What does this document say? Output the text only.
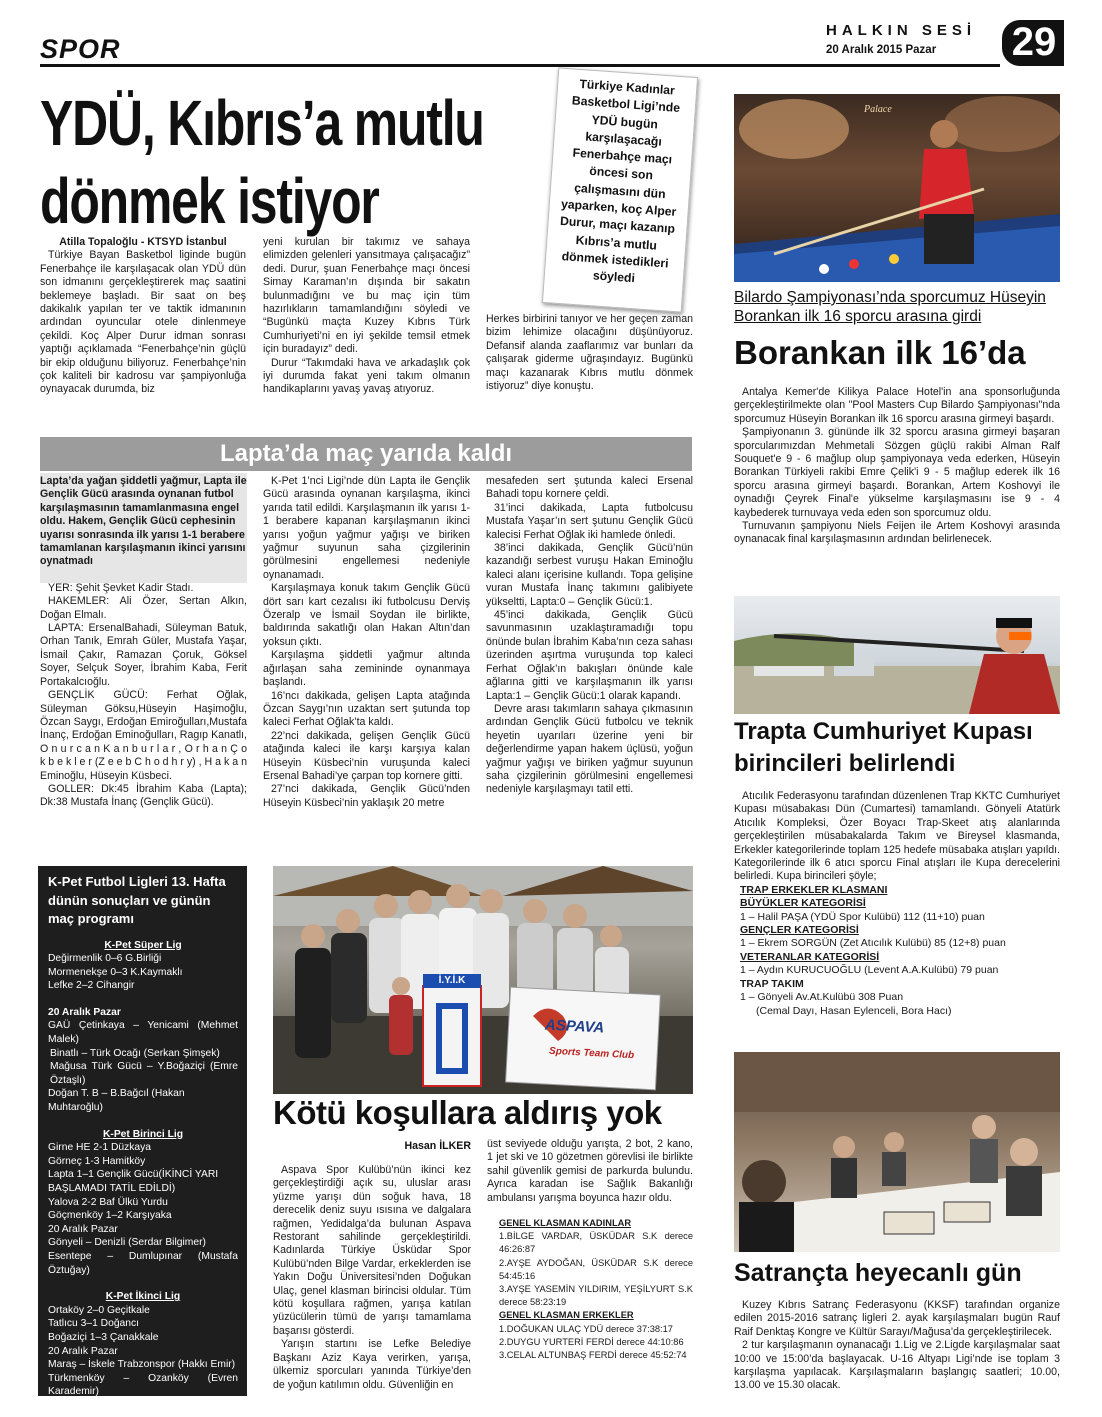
SPOR
HALKIN SESİ
20 Aralık 2015 Pazar 29
YDÜ, Kıbrıs’a mutlu
dönmek istiyor
Türkiye Kadınlar Basketbol Ligi’nde YDÜ bugün karşılaşacağı Fenerbahçe maçı öncesi son çalışmasını dün yaparken, koç Alper Durur, maçı kazanıp Kıbrıs’a mutlu dönmek istedikleri söyledi

Atilla Topaloğlu - KTSYD İstanbul

Türkiye Bayan Basketbol liginde bugün Fenerbahçe ile karşılaşacak olan YDÜ dün son idmanını gerçekleştirerek maç saatini beklemeye başladı. Bir saat on beş dakikalık yapılan ter ve taktik idmanının ardından oyuncular otele dinlenmeye çekildi. Koç Alper Durur idman sonrası yaptığı açıklamada “Fenerbahçe’nin güçlü bir ekip olduğunu biliyoruz. Fenerbahçe’nin çok kaliteli bir kadrosu var şampiyonluğa oynayacak durumda, biz

yeni kurulan bir takımız ve sahaya elimizden gelenleri yansıtmaya çalışacağız” dedi. Durur, şuan Fenerbahçe maçı öncesi Simay Karaman’ın dışında bir sakatın bulunmadığını ve bu maç için tüm hazırlıkların tamamlandığını söyledi ve “Bugünkü maçta Kuzey Kıbrıs Türk Cumhuriyeti’ni en iyi şekilde temsil etmek için buradayız” dedi.

Durur “Takımdaki hava ve arkadaşlık çok iyi durumda fakat yeni takım olmanın handikaplarını yavaş yavaş atıyoruz.

Herkes birbirini tanıyor ve her geçen zaman bizim lehimize olacağını düşünüyoruz. Defansif alanda zaaflarımız var bunları da çalışarak giderme uğraşındayız. Bugünkü maçı kazanarak Kıbrıs mutlu dönmek istiyoruz” diye konuştu.

Lapta’da maç yarıda kaldı

Lapta’da yağan şiddetli yağmur, Lapta ile Gençlik Gücü arasında oynanan futbol karşılaşmasının tamamlanmasına engel oldu. Hakem, Gençlik Gücü cephesinin uyarısı sonrasında ilk yarısı 1-1 berabere tamamlanan karşılaşmanın ikinci yarısını oynatmadı

YER: Şehit Şevket Kadir Stadı.

HAKEMLER: Ali Özer, Sertan Alkın, Doğan Elmalı.

LAPTA: ErsenalBahadi, Süleyman Batuk, Orhan Tanık, Emrah Güler, Mustafa Yaşar, İsmail Çakır, Ramazan Çoruk, Göksel Soyer, Selçuk Soyer, İbrahim Kaba, Ferit Portakalcıoğlu.

GENÇLİK GÜCÜ: Ferhat Oğlak, Süleyman Göksu,Hüseyin Haşimoğlu, Özcan Saygı, Erdoğan Emiroğulları,Mustafa İnanç, Erdoğan Eminoğulları, Ragıp Kanatlı, O n u r c a n K a n b u r l a r , O r h a n Ç o k b e k l e r (Z e e b C h o d h r y) , H a k a n Eminoğlu, Hüseyin Küsbeci.

GOLLER: Dk:45 İbrahim Kaba (Lapta); Dk:38 Mustafa İnanç (Gençlik Gücü).

K-Pet 1’nci Ligi’nde dün Lapta ile Gençlik Gücü arasında oynanan karşılaşma, ikinci yarıda tatil edildi. Karşılaşmanın ilk yarısı 1-1 berabere kapanan karşılaşmanın ikinci yarısı yoğun yağmur yağışı ve biriken yağmur suyunun saha çizgilerinin görülmesini engellemesi nedeniyle oynanamadı.

Karşılaşmaya konuk takım Gençlik Gücü dört sarı kart cezalısı iki futbolcusu Derviş Özeralp ve İsmail Soydan ile birlikte, baldırında sakatlığı olan Hakan Altın’dan yoksun çıktı.

Karşılaşma şiddetli yağmur altında ağırlaşan saha zemininde oynanmaya başlandı.

16’ncı dakikada, gelişen Lapta atağında Özcan Saygı’nın uzaktan sert şutunda top kaleci Ferhat Oğlak’ta kaldı.

22’nci dakikada, gelişen Gençlik Gücü atağında kaleci ile karşı karşıya kalan Hüseyin Küsbeci’nin vuruşunda kaleci Ersenal Bahadi’ye çarpan top kornere gitti.

27’nci dakikada, Gençlik Gücü’nden Hüseyin Küsbeci’nin yaklaşık 20 metre

mesafeden sert şutunda kaleci Ersenal Bahadi topu kornere çeldi.

31’inci dakikada, Lapta futbolcusu Mustafa Yaşar’ın sert şutunu Gençlik Gücü kalecisi Ferhat Oğlak iki hamlede önledi.

38’inci dakikada, Gençlik Gücü’nün kazandığı serbest vuruşu Hakan Eminoğlu kaleci alanı içerisine kullandı. Topa gelişine vuran Mustafa İnanç takımını galibiyete yükseltti, Lapta:0 – Gençlik Gücü:1.

45’inci dakikada, Gençlik Gücü savunmasının uzaklaştıramadığı topu önünde bulan İbrahim Kaba’nın ceza sahası üzerinden aşırtma vuruşunda top kaleci Ferhat Oğlak’ın bakışları önünde kale ağlarına gitti ve karşılaşmanın ilk yarısı Lapta:1 – Gençlik Gücü:1 olarak kapandı.

Devre arası takımların sahaya çıkmasının ardından Gençlik Gücü futbolcu ve teknik heyetin uyarıları üzerine yeni bir değerlendirme yapan hakem üçlüsü, yoğun yağmur yağışı ve biriken yağmur suyunun saha çizgilerinin görülmesini engellemesi nedeniyle karşılaşmayı tatil etti.

K-Pet Futbol Ligleri 13. Hafta dünün sonuçları ve günün maç programı

K-Pet Süper Lig

Değirmenlik 0–6 G.Birliği

Mormenekşe 0–3 K.Kaymaklı

Lefke 2–2 Cihangir

20 Aralık Pazar

GAÜ Çetinkaya – Yenicami (Mehmet Malek)

Binatlı – Türk Ocağı (Serkan Şimşek)

Mağusa Türk Gücü – Y.Boğaziçi (Emre Öztaşlı)

Doğan T. B – B.Bağcıl (Hakan Muhtaroğlu)

K-Pet Birinci Lig

Girne HE 2-1 Düzkaya

Görneç 1-3 Hamitköy

Lapta 1–1 Gençlik Gücü(İKİNCİ YARI BAŞLAMADI TATİL EDİLDİ)

Yalova 2-2 Baf Ülkü Yurdu

Göçmenköy 1–2 Karşıyaka

20 Aralık Pazar

Gönyeli – Denizli (Serdar Bilgimer)

Esentepe – Dumlupınar (Mustafa Öztuğay)

K-Pet İkinci Lig

Ortaköy 2–0 Geçitkale

Tatlıcu 3–1 Doğancı

Boğaziçi 1–3 Çanakkale

20 Aralık Pazar

Maraş – İskele Trabzonspor (Hakkı Emir)

Türkmenköy – Ozanköy (Evren Karademir)

Akova – A. Yeşilova (Hüseyin Özkan)

İ.Y.İ.K
ASPAVA
Sports Team Club
Kötü koşullara aldırış yok
Hasan İLKER

Aspava Spor Kulübü’nün ikinci kez gerçekleştirdiği açık su, uluslar arası yüzme yarışı dün soğuk hava, 18 derecelik deniz suyu ısısına ve dalgalara rağmen, Yedidalga’da bulunan Aspava Restorant sahilinde gerçekleştirildi. Kadınlarda Türkiye Üsküdar Spor Kulübü’nden Bilge Vardar, erkeklerden ise Yakın Doğu Üniversitesi’nden Doğukan Ulaç, genel klasman birincisi oldular. Tüm kötü koşullara rağmen, yarışa katılan yüzücülerin tümü de yarışı tamamlama başarısı gösterdi.

Yarışın startını ise Lefke Belediye Başkanı Aziz Kaya verirken, yarışa, ülkemiz sporcuları yanında Türkiye’den de yoğun katılımın oldu. Güvenliğin en

üst seviyede olduğu yarışta, 2 bot, 2 kano, 1 jet ski ve 10 gözetmen görevlisi ile birlikte sahil güvenlik gemisi de parkurda bulundu. Ayrıca karadan ise Sağlık Bakanlığı ambulansı yarışma boyunca hazır oldu.

GENEL KLASMAN KADINLAR

1.BİLGE VARDAR, ÜSKÜDAR S.K derece 46:26:87

2.AYŞE AYDOĞAN, ÜSKÜDAR S.K derece 54:45:16

3.AYŞE YASEMİN YILDIRIM, YEŞİLYURT S.K derece 58:23:19

GENEL KLASMAN ERKEKLER

1.DOĞUKAN ULAÇ YDÜ derece 37:38:17

2.DUYGU YURTERİ FERDİ derece 44:10:86

3.CELAL ALTUNBAŞ FERDİ derece 45:52:74

Palace
Bilardo Şampiyonası’nda sporcumuz Hüseyin Borankan ilk 16 sporcu arasına girdi
Borankan ilk 16’da

Antalya Kemer'de Kilikya Palace Hotel'in ana sponsorluğunda gerçekleştirilmekte olan "Pool Masters Cup Bilardo Şampiyonası"nda sporcumuz Hüseyin Borankan ilk 16 sporcu arasına girmeyi başardı.

Şampiyonanın 3. gününde ilk 32 sporcu arasına girmeyi başaran sporcularımızdan Mehmetali Sözgen güçlü rakibi Alman Ralf Souquet'e 9 - 6 mağlup olup şampiyonaya veda ederken, Hüseyin Borankan Türkiyeli rakibi Emre Çelik'i 9 - 5 mağlup ederek ilk 16 sporcu arasına girmeyi başardı. Borankan, Artem Koshovyi ile oynadığı Çeyrek Final'e yükselme karşılaşmasını ise 9 - 4 kaybederek turnuvaya veda eden son sporcumuz oldu.

Turnuvanın şampiyonu Niels Feijen ile Artem Koshovyi arasında oynanacak final karşılaşmasının ardından belirlenecek.

Trapta Cumhuriyet Kupası birincileri belirlendi

Atıcılık Federasyonu tarafından düzenlenen Trap KKTC Cumhuriyet Kupası müsabakası Dün (Cumartesi) tamamlandı. Gönyeli Atatürk Atıcılık Kompleksi, Özer Boyacı Trap-Skeet atış alanlarında gerçekleştirilen müsabakalarda Takım ve Bireysel klasmanda, Erkekler kategorilerinde toplam 125 hedefe müsabaka atışları yapıldı. Kategorilerinde ilk 6 atıcı sporcu Final atışları ile Kupa derecelerini belirledi. Kupa birincileri şöyle;

TRAP ERKEKLER KLASMANI

BÜYÜKLER KATEGORİSİ

1 – Halil PAŞA (YDÜ Spor Kulübü) 112 (11+10) puan

GENÇLER KATEGORİSİ

1 – Ekrem SORGÜN (Zet Atıcılık Kulübü) 85 (12+8) puan

VETERANLAR KATEGORİSİ

1 – Aydın KURUCUOĞLU (Levent A.A.Kulübü) 79 puan

TRAP TAKIM

1 – Gönyeli Av.At.Kulübü 308 Puan

(Cemal Dayı, Hasan Eylenceli, Bora Hacı)

Satrançta heyecanlı gün

Kuzey Kıbrıs Satranç Federasyonu (KKSF) tarafından organize edilen 2015-2016 satranç ligleri 2. ayak karşılaşmaları bugün Rauf Raif Denktaş Kongre ve Kültür Sarayı/Mağusa’da gerçekleştirilecek.

2 tur karşılaşmanın oynanacağı 1.Lig ve 2.Ligde karşılaşmalar saat 10:00 ve 15:00’da başlayacak. U-16 Altyapı Ligi’nde ise toplam 3 karşılaşma yapılacak. Karşılaşmaların başlangıç saatleri; 10.00, 13.00 ve 15.30 olacak.
